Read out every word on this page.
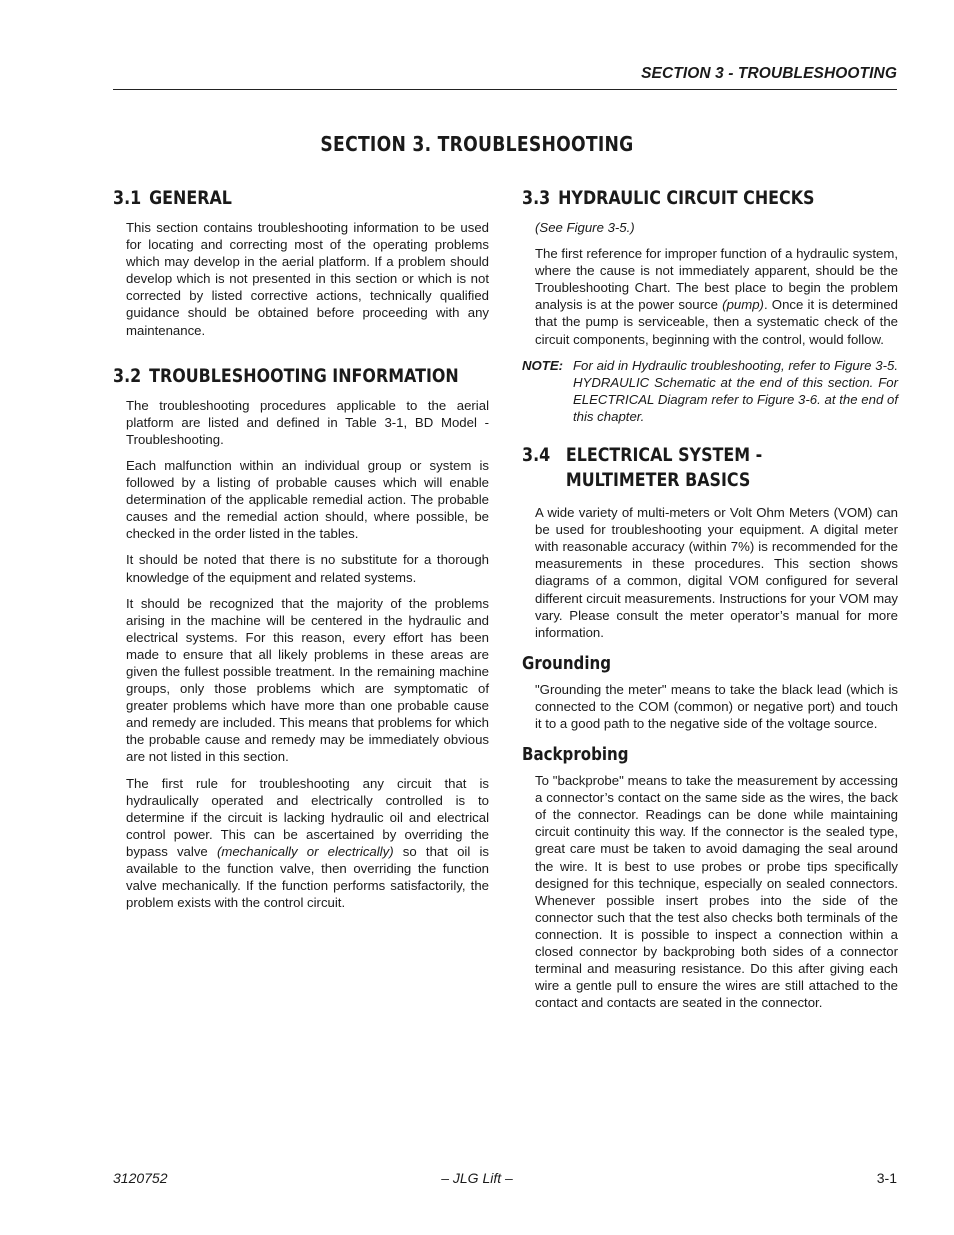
SECTION 3 - TROUBLESHOOTING
SECTION 3. TROUBLESHOOTING
3.1 GENERAL

This section contains troubleshooting information to be used for locating and correcting most of the operating problems which may develop in the aerial platform. If a problem should develop which is not presented in this section or which is not corrected by listed corrective actions, technically qualified guidance should be obtained before proceeding with any maintenance.

3.2 TROUBLESHOOTING INFORMATION

The troubleshooting procedures applicable to the aerial platform are listed and defined in Table 3-1, BD Model - Troubleshooting.

Each malfunction within an individual group or system is followed by a listing of probable causes which will enable determination of the applicable remedial action. The probable causes and the remedial action should, where possible, be checked in the order listed in the tables.

It should be noted that there is no substitute for a thorough knowledge of the equipment and related systems.

It should be recognized that the majority of the problems arising in the machine will be centered in the hydraulic and electrical systems. For this reason, every effort has been made to ensure that all likely problems in these areas are given the fullest possible treatment. In the remaining machine groups, only those problems which are symptomatic of greater problems which have more than one probable cause and remedy are included. This means that problems for which the probable cause and remedy may be immediately obvious are not listed in this section.

The first rule for troubleshooting any circuit that is hydraulically operated and electrically controlled is to determine if the circuit is lacking hydraulic oil and electrical control power. This can be ascertained by overriding the bypass valve (mechanically or electrically) so that oil is available to the function valve, then overriding the function valve mechanically. If the function performs satisfactorily, the problem exists with the control circuit.

3.3 HYDRAULIC CIRCUIT CHECKS

(See Figure 3-5.)

The first reference for improper function of a hydraulic system, where the cause is not immediately apparent, should be the Troubleshooting Chart. The best place to begin the problem analysis is at the power source (pump). Once it is determined that the pump is serviceable, then a systematic check of the circuit components, beginning with the control, would follow.

NOTE: For aid in Hydraulic troubleshooting, refer to Figure 3-5. HYDRAULIC Schematic at the end of this section. For ELECTRICAL Diagram refer to Figure 3-6. at the end of this chapter.
3.4 ELECTRICAL SYSTEM - MULTIMETER BASICS

A wide variety of multi-meters or Volt Ohm Meters (VOM) can be used for troubleshooting your equipment. A digital meter with reasonable accuracy (within 7%) is recommended for the measurements in these procedures. This section shows diagrams of a common, digital VOM configured for several different circuit measurements. Instructions for your VOM may vary. Please consult the meter operator’s manual for more information.

Grounding

"Grounding the meter" means to take the black lead (which is connected to the COM (common) or negative port) and touch it to a good path to the negative side of the voltage source.

Backprobing

To "backprobe" means to take the measurement by accessing a connector’s contact on the same side as the wires, the back of the connector. Readings can be done while maintaining circuit continuity this way. If the connector is the sealed type, great care must be taken to avoid damaging the seal around the wire. It is best to use probes or probe tips specifically designed for this technique, especially on sealed connectors. Whenever possible insert probes into the side of the connector such that the test also checks both terminals of the connection. It is possible to inspect a connection within a closed connector by backprobing both sides of a connector terminal and measuring resistance. Do this after giving each wire a gentle pull to ensure the wires are still attached to the contact and contacts are seated in the connector.

3120752	– JLG Lift –	3-1
